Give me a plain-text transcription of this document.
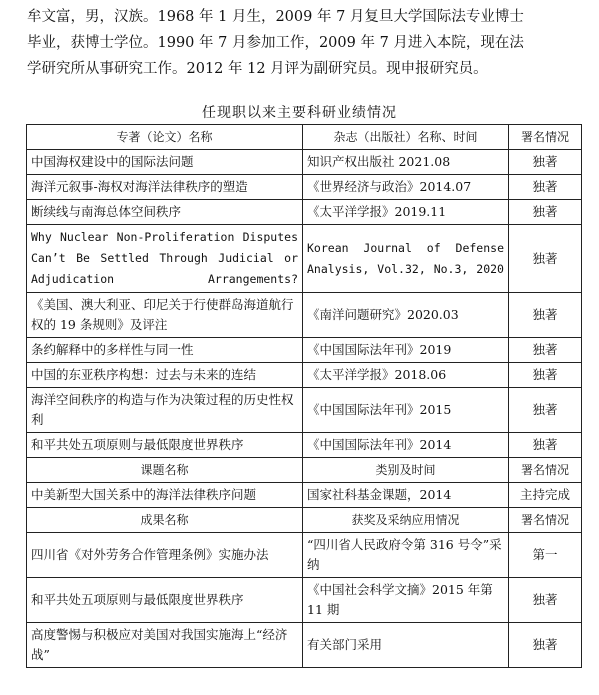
牟文富，男，汉族。1968 年 1 月生，2009 年 7 月复旦大学国际法专业博士

毕业，获博士学位。1990 年 7 月参加工作，2009 年 7 月进入本院，现在法

学研究所从事研究工作。2012 年 12 月评为副研究员。现申报研究员。

任现职以来主要科研业绩情况
专著（论文）名称	杂志（出版社）名称、时间	署名情况
中国海权建设中的国际法问题	知识产权出版社 2021.08	独著
海洋元叙事-海权对海洋法律秩序的塑造	《世界经济与政治》2014.07	独著
断续线与南海总体空间秩序	《太平洋学报》2019.11	独著
Why Nuclear Non-Proliferation Disputes Can’t Be Settled Through Judicial or Adjudication Arrangements?	Korean Journal of Defense Analysis, Vol.32, No.3, 2020	独著
《美国、澳大利亚、印尼关于行使群岛海道航行权的 19 条规则》及评注	《南洋问题研究》2020.03	独著
条约解释中的多样性与同一性	《中国国际法年刊》2019	独著
中国的东亚秩序构想：过去与未来的连结	《太平洋学报》2018.06	独著
海洋空间秩序的构造与作为决策过程的历史性权利	《中国国际法年刊》2015	独著
和平共处五项原则与最低限度世界秩序	《中国国际法年刊》2014	独著
课题名称	类别及时间	署名情况
中美新型大国关系中的海洋法律秩序问题	国家社科基金课题，2014	主持完成
成果名称	获奖及采纳应用情况	署名情况
四川省《对外劳务合作管理条例》实施办法	“四川省人民政府令第 316 号令”采纳	第一
和平共处五项原则与最低限度世界秩序	《中国社会科学文摘》2015 年第 11 期	独著
高度警惕与积极应对美国对我国实施海上“经济战”	有关部门采用	独著
